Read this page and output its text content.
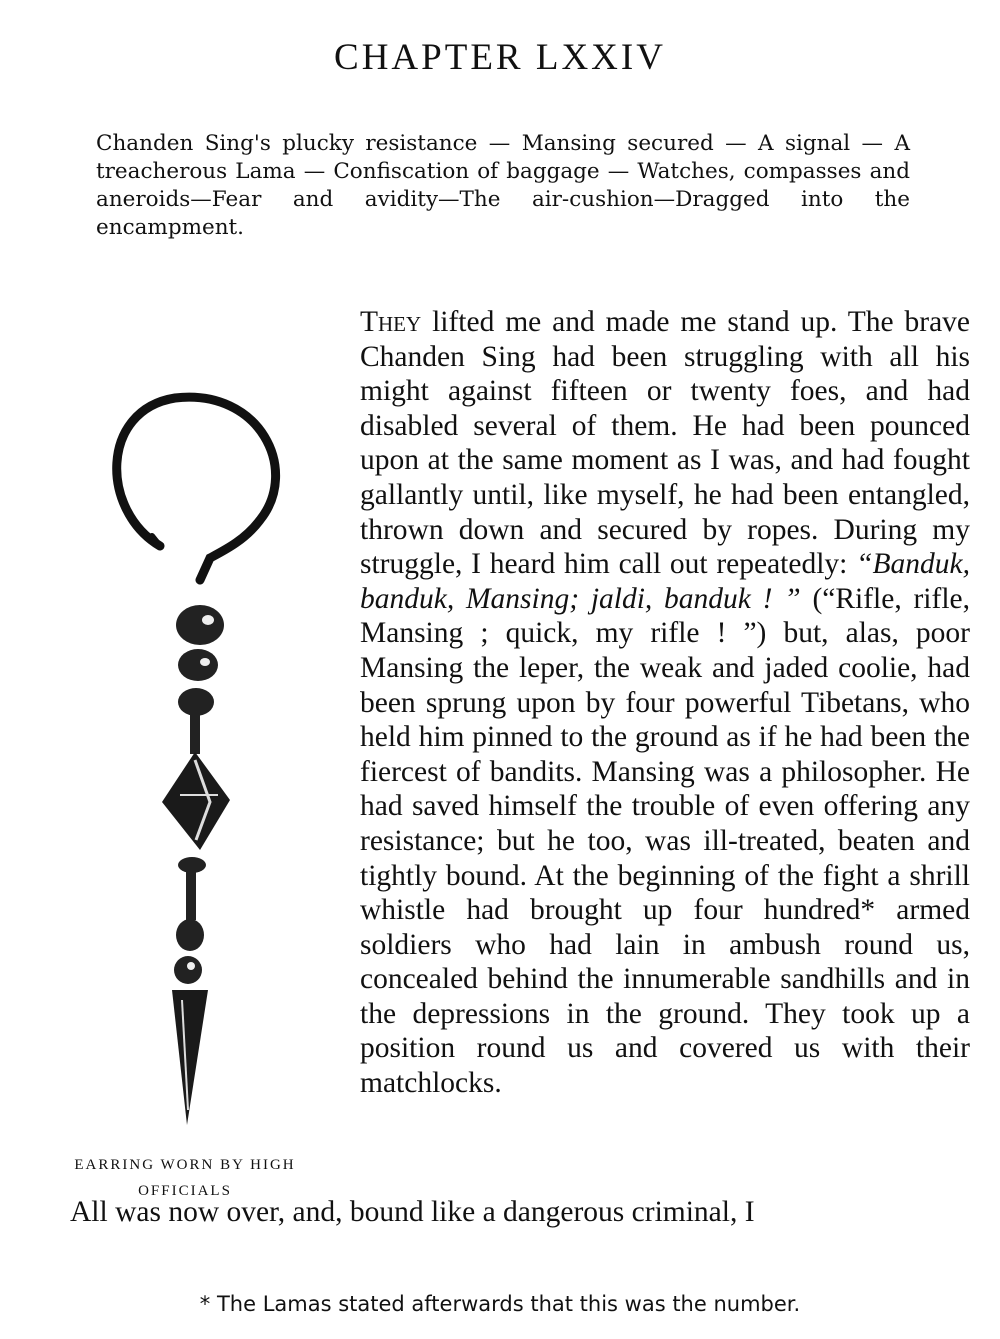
CHAPTER LXXIV
Chanden Sing's plucky resistance — Mansing secured — A signal — A treacherous Lama — Confiscation of baggage — Watches, compasses and aneroids—Fear and avidity—The air-cushion—Dragged into the encampment.
They lifted me and made me stand up. The brave Chanden Sing had been struggling with all his might against fifteen or twenty foes, and had disabled several of them. He had been pounced upon at the same moment as I was, and had fought gallantly until, like myself, he had been entangled, thrown down and secured by ropes. During my struggle, I heard him call out repeatedly: “Banduk, banduk, Mansing; jaldi, banduk ! ” (“Rifle, rifle, Mansing ; quick, my rifle ! ”) but, alas, poor Mansing the leper, the weak and jaded coolie, had been sprung upon by four powerful Tibetans, who held him pinned to the ground as if he had been the fiercest of bandits. Mansing was a philosopher. He had saved himself the trouble of even offering any resistance; but he too, was ill-treated, beaten and tightly bound. At the beginning of the fight a shrill whistle had brought up four hundred* armed soldiers who had lain in ambush round us, concealed behind the innumerable sandhills and in the depressions in the ground. They took up a position round us and covered us with their matchlocks.
All was now over, and, bound like a dangerous criminal, I
EARRING WORN BY HIGH
OFFICIALS
* The Lamas stated afterwards that this was the number.
